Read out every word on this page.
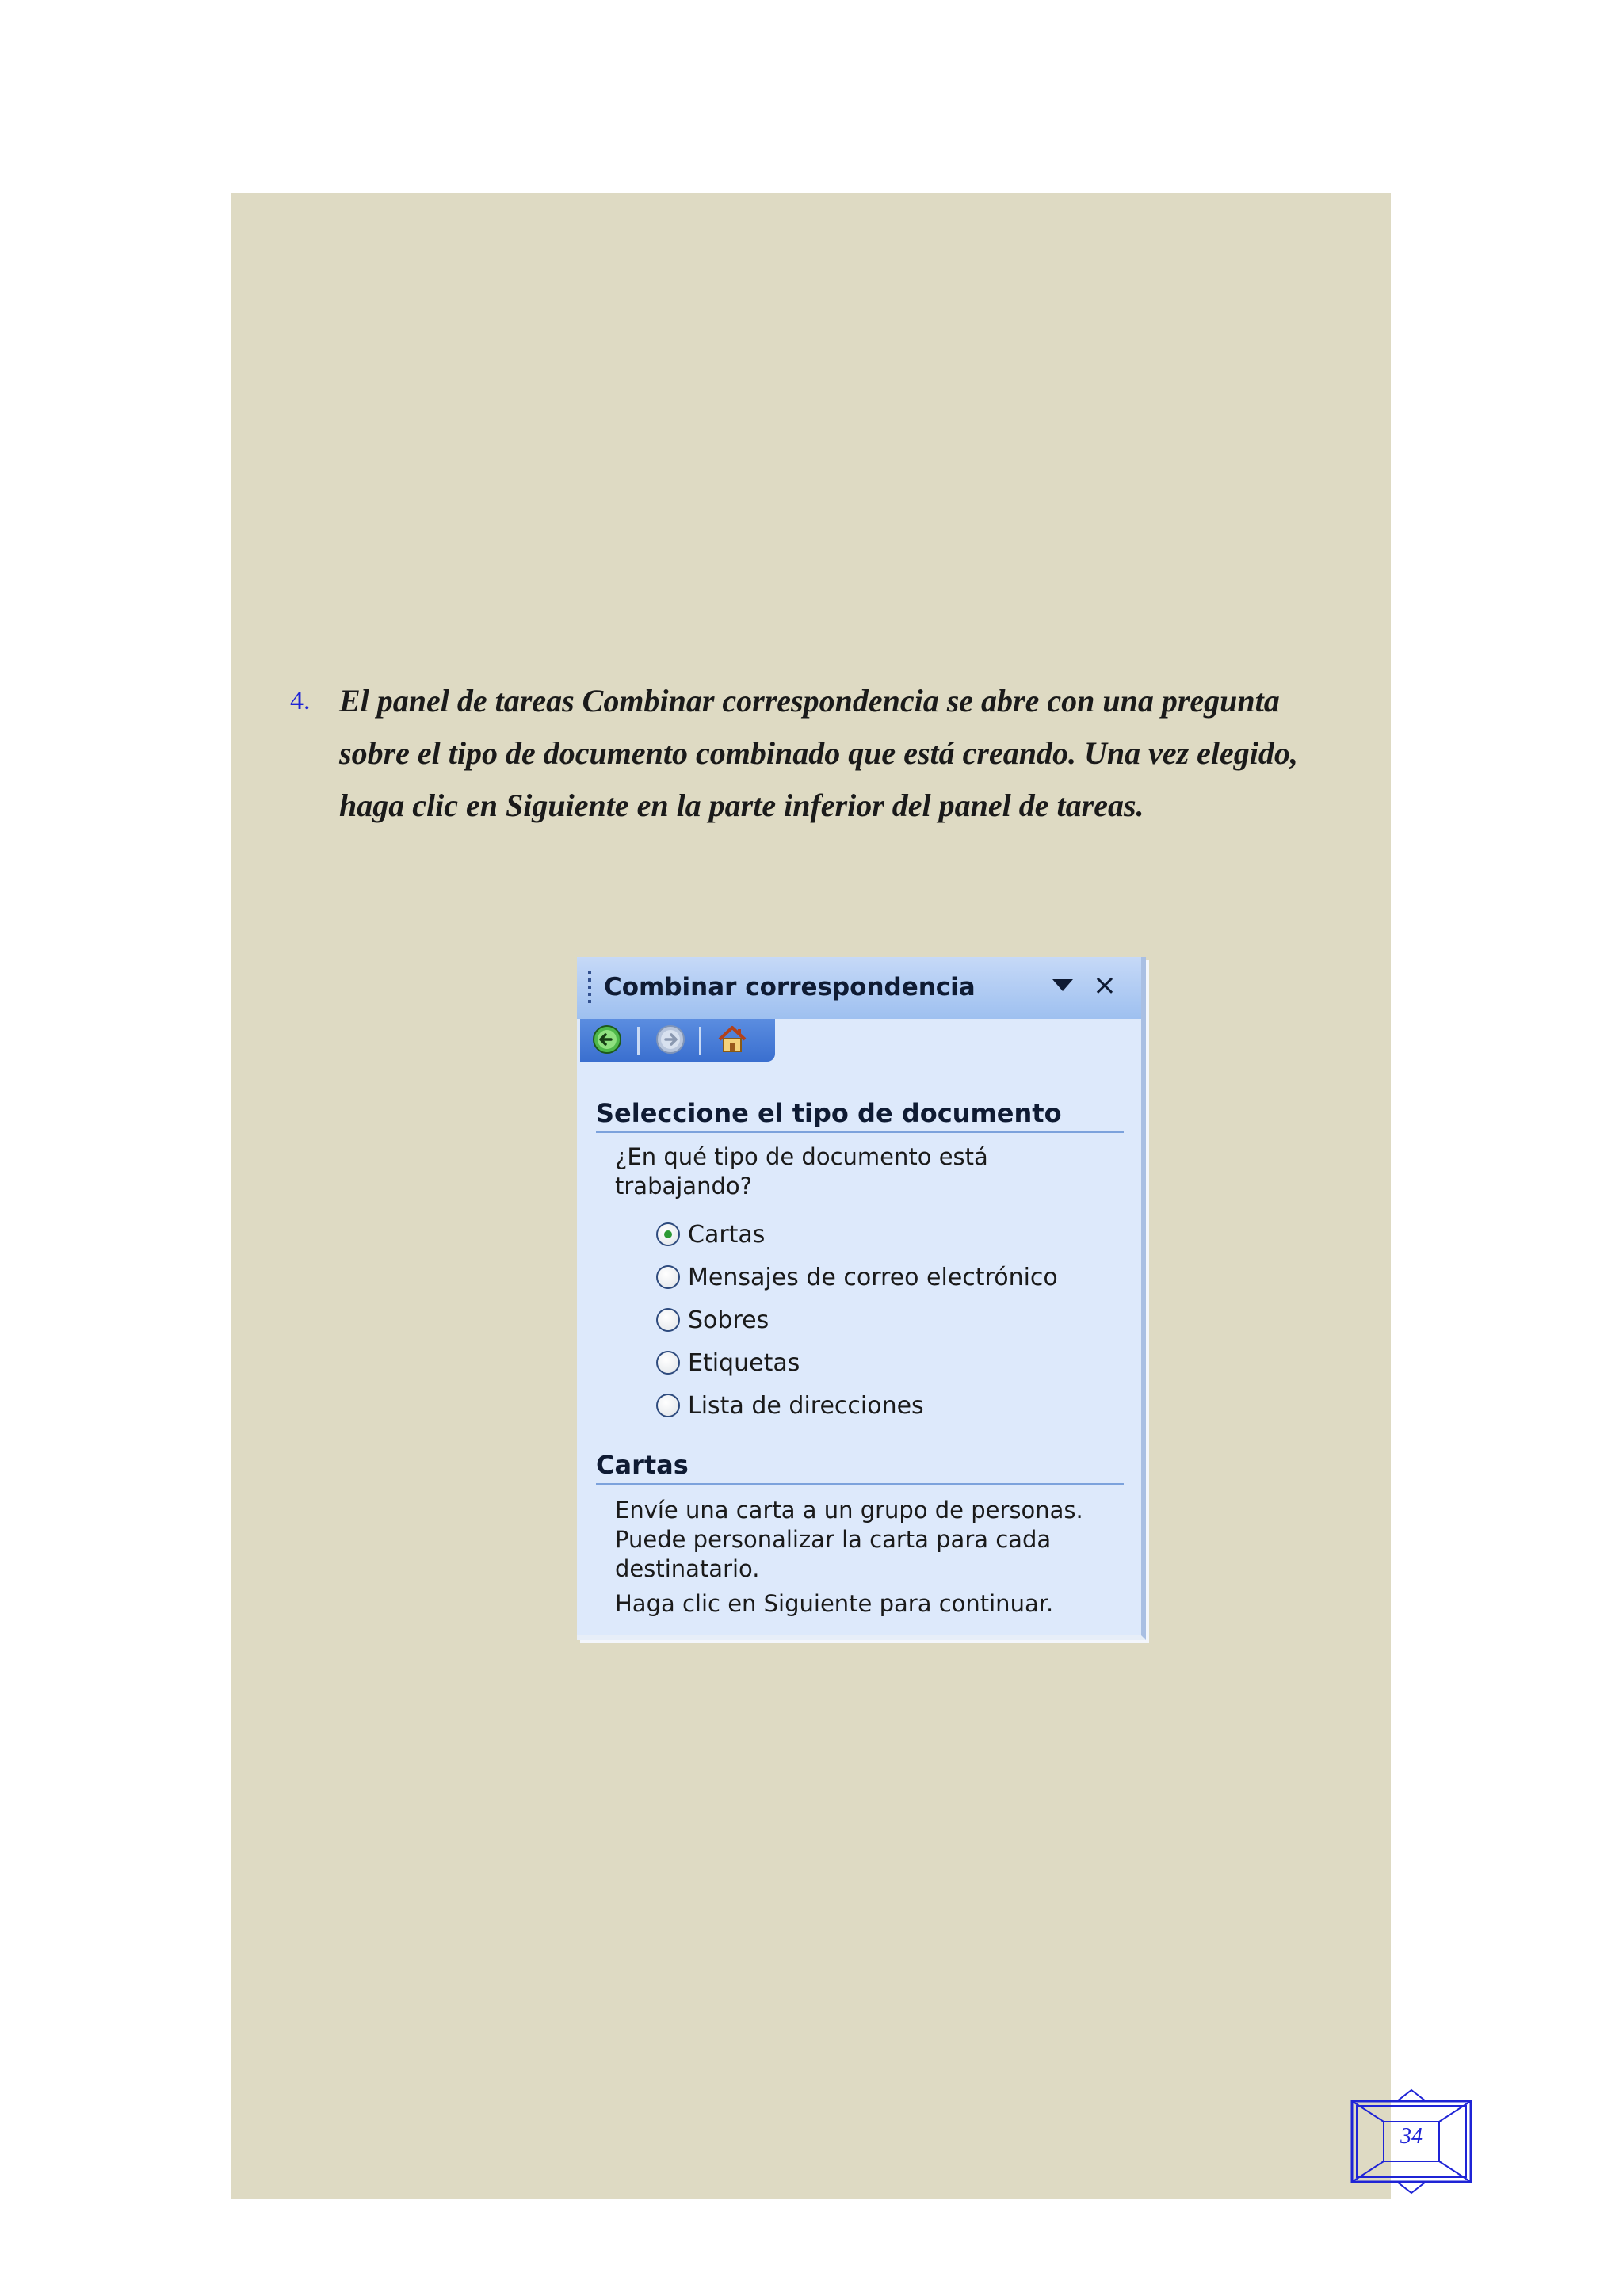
4. El panel de tareas Combinar correspondencia se abre con una pregunta
sobre el tipo de documento combinado que está creando. Una vez elegido,
haga clic en Siguiente en la parte inferior del panel de tareas.
Combinar correspondencia	×
Seleccione el tipo de documento
¿En qué tipo de documento está
trabajando?
Cartas
Mensajes de correo electrónico
Sobres
Etiquetas
Lista de direcciones
Cartas
Envíe una carta a un grupo de personas.
Puede personalizar la carta para cada
destinatario.
Haga clic en Siguiente para continuar.
34
